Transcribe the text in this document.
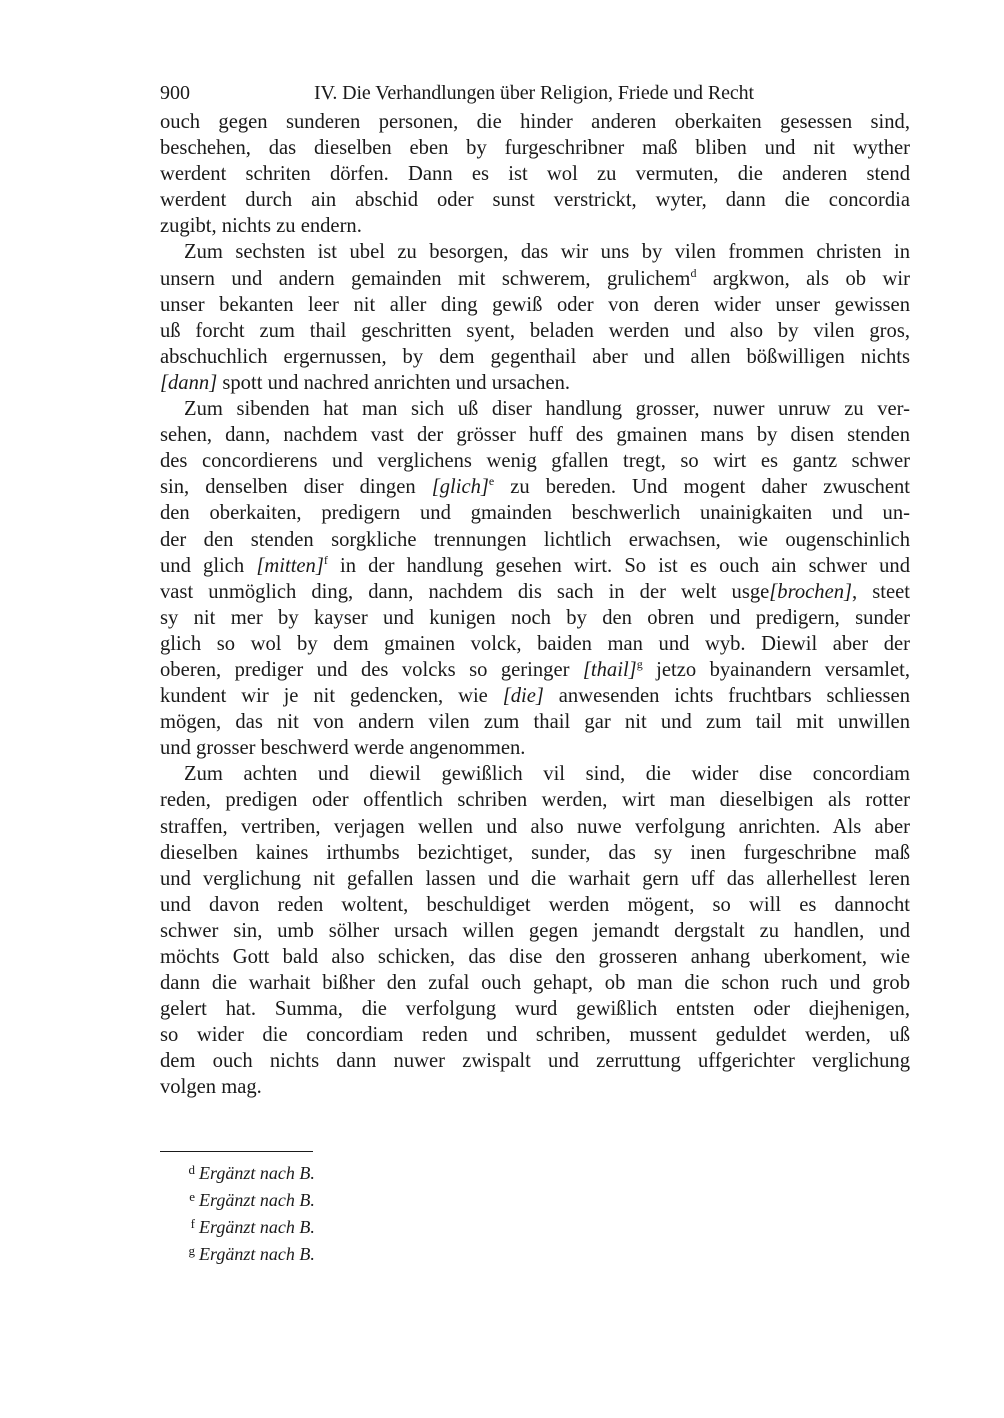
900	IV. Die Verhandlungen über Religion, Friede und Recht
ouch gegen sunderen personen, die hinder anderen oberkaiten gesessen sind,
beschehen, das dieselben eben by furgeschribner maß bliben und nit wyther
werdent schriten dörfen. Dann es ist wol zu vermuten, die anderen stend
werdent durch ain abschid oder sunst verstrickt, wyter, dann die concordia
zugibt, nichts zu endern.
Zum sechsten ist ubel zu besorgen, das wir uns by vilen frommen christen in
unsern und andern gemainden mit schwerem, grulichem$^d$ argkwon, als ob wir
unser bekanten leer nit aller ding gewiß oder von deren wider unser gewissen
uß forcht zum thail geschritten syent, beladen werden und also by vilen gros,
abschuchlich ergernussen, by dem gegenthail aber und allen bößwilligen nichts
[dann] spott und nachred anrichten und ursachen.
Zum sibenden hat man sich uß diser handlung grosser, nuwer unruw zu ver-
sehen, dann, nachdem vast der grösser huff des gmainen mans by disen stenden
des concordierens und verglichens wenig gfallen tregt, so wirt es gantz schwer
sin, denselben diser dingen [glich]$^e$ zu bereden. Und mogent daher zwuschent
den oberkaiten, predigern und gmainden beschwerlich unainigkaiten und un-
der den stenden sorgkliche trennungen lichtlich erwachsen, wie ougenschinlich
und glich [mitten]$^f$ in der handlung gesehen wirt. So ist es ouch ain schwer und
vast unmöglich ding, dann, nachdem dis sach in der welt usge[brochen], steet
sy nit mer by kayser und kunigen noch by den obren und predigern, sunder
glich so wol by dem gmainen volck, baiden man und wyb. Diewil aber der
oberen, prediger und des volcks so geringer [thail]$^g$ jetzo byainandern versamlet,
kundent wir je nit gedencken, wie [die] anwesenden ichts fruchtbars schliessen
mögen, das nit von andern vilen zum thail gar nit und zum tail mit unwillen
und grosser beschwerd werde angenommen.
Zum achten und diewil gewißlich vil sind, die wider dise concordiam
reden, predigen oder offentlich schriben werden, wirt man dieselbigen als rotter
straffen, vertriben, verjagen wellen und also nuwe verfolgung anrichten. Als aber
dieselben kaines irthumbs bezichtiget, sunder, das sy inen furgeschribne maß
und verglichung nit gefallen lassen und die warhait gern uff das allerhellest leren
und davon reden woltent, beschuldiget werden mögent, so will es dannocht
schwer sin, umb sölher ursach willen gegen jemandt dergstalt zu handlen, und
möchts Gott bald also schicken, das dise den grosseren anhang uberkoment, wie
dann die warhait bißher den zufal ouch gehapt, ob man die schon ruch und grob
gelert hat. Summa, die verfolgung wurd gewißlich entsten oder diejhenigen,
so wider die concordiam reden und schriben, mussent geduldet werden, uß
dem ouch nichts dann nuwer zwispalt und zerruttung uffgerichter verglichung
volgen mag.
d Ergänzt nach B.
e Ergänzt nach B.
f Ergänzt nach B.
g Ergänzt nach B.
